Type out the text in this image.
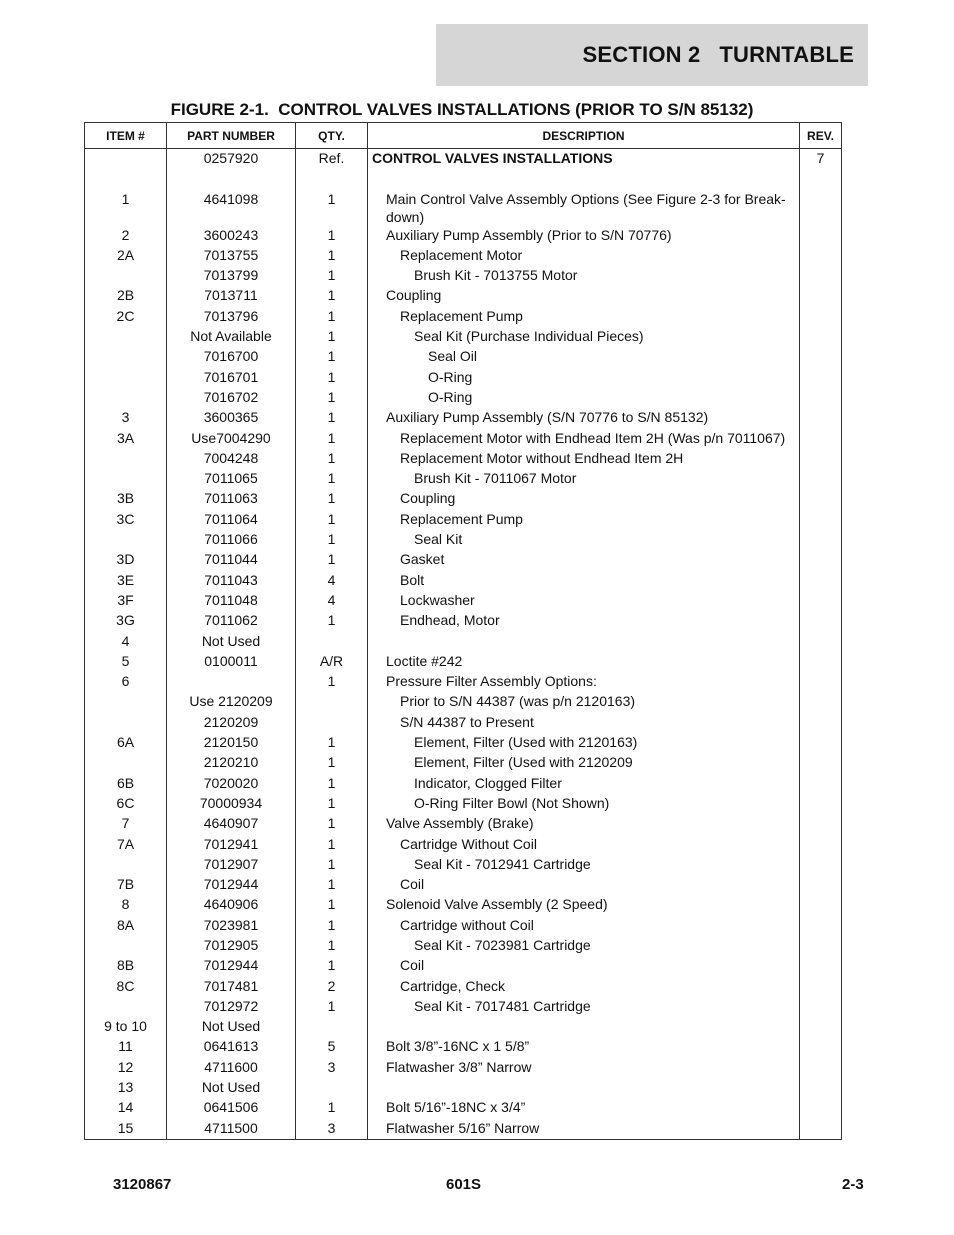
SECTION 2   TURNTABLE
FIGURE 2-1.  CONTROL VALVES INSTALLATIONS (PRIOR TO S/N 85132)
ITEM #	PART NUMBER	QTY.	DESCRIPTION	REV.
	0257920	Ref.	CONTROL VALVES INSTALLATIONS	7

1	4641098	1	Main Control Valve Assembly Options (See Figure 2-3 for Break-down)	
2	3600243	1	Auxiliary Pump Assembly (Prior to S/N 70776)	
2A	7013755	1	Replacement Motor	
	7013799	1	Brush Kit - 7013755 Motor	
2B	7013711	1	Coupling	
2C	7013796	1	Replacement Pump	
	Not Available	1	Seal Kit (Purchase Individual Pieces)	
	7016700	1	Seal Oil	
	7016701	1	O-Ring	
	7016702	1	O-Ring	
3	3600365	1	Auxiliary Pump Assembly (S/N 70776 to S/N 85132)	
3A	Use7004290	1	Replacement Motor with Endhead Item 2H (Was p/n 7011067)	
	7004248	1	Replacement Motor without Endhead Item 2H	
	7011065	1	Brush Kit - 7011067 Motor	
3B	7011063	1	Coupling	
3C	7011064	1	Replacement Pump	
	7011066	1	Seal Kit	
3D	7011044	1	Gasket	
3E	7011043	4	Bolt	
3F	7011048	4	Lockwasher	
3G	7011062	1	Endhead, Motor	
4	Not Used			
5	0100011	A/R	Loctite #242	
6		1	Pressure Filter Assembly Options:	
	Use 2120209		Prior to S/N 44387 (was p/n 2120163)	
	2120209		S/N 44387 to Present	
6A	2120150	1	Element, Filter (Used with 2120163)	
	2120210	1	Element, Filter (Used with 2120209	
6B	7020020	1	Indicator, Clogged Filter	
6C	70000934	1	O-Ring Filter Bowl (Not Shown)	
7	4640907	1	Valve Assembly (Brake)	
7A	7012941	1	Cartridge Without Coil	
	7012907	1	Seal Kit - 7012941 Cartridge	
7B	7012944	1	Coil	
8	4640906	1	Solenoid Valve Assembly (2 Speed)	
8A	7023981	1	Cartridge without Coil	
	7012905	1	Seal Kit - 7023981 Cartridge	
8B	7012944	1	Coil	
8C	7017481	2	Cartridge, Check	
	7012972	1	Seal Kit - 7017481 Cartridge	
9 to 10	Not Used			
11	0641613	5	Bolt 3/8”-16NC x 1 5/8”	
12	4711600	3	Flatwasher 3/8” Narrow	
13	Not Used			
14	0641506	1	Bolt 5/16”-18NC x 3/4”	
15	4711500	3	Flatwasher 5/16” Narrow	
3120867	601S	2-3
